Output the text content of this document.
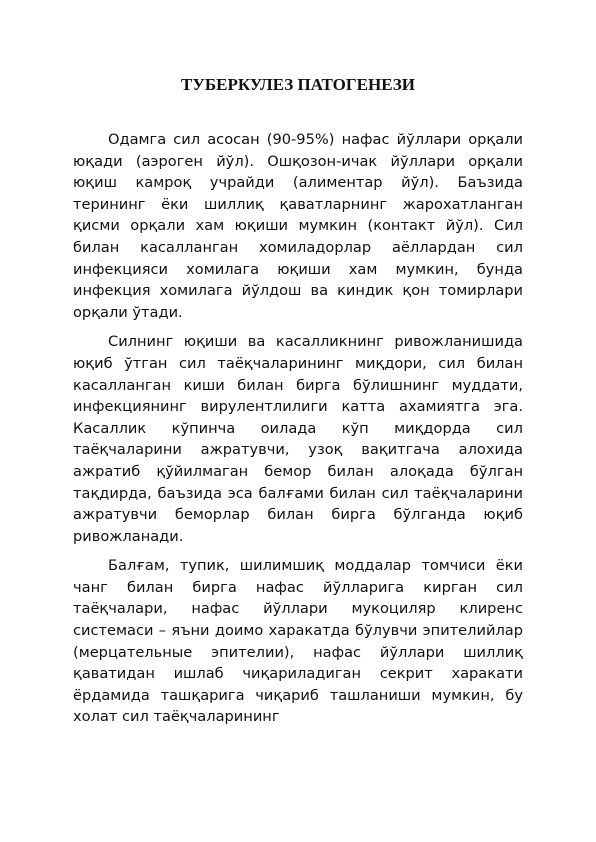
ТУБЕРКУЛЕЗ ПАТОГЕНЕЗИ

Одамга сил асосан (90-95%) нафас йўллари орқали юқади (аэроген йўл). Ошқозон-ичак йўллари орқали юқиш камроқ учрайди (алиментар йўл). Баъзида терининг ёки шиллиқ қаватларнинг жарохатланган қисми орқали хам юқиши мумкин (контакт йўл). Сил билан касалланган хомиладорлар аёллардан сил инфекцияси хомилага юқиши хам мумкин, бунда инфекция хомилага йўлдош ва киндик қон томирлари орқали ўтади.

Силнинг юқиши ва касалликнинг ривожланишида юқиб ўтган сил таёқчаларининг миқдори, сил билан касалланган киши билан бирга бўлишнинг муддати, инфекциянинг вирулентлилиги катта ахамиятга эга. Касаллик кўпинча оилада кўп миқдорда сил таёқчаларини ажратувчи, узоқ вақитгача алохида ажратиб қўйилмаган бемор билан алоқада бўлган тақдирда, баъзида эса балғами билан сил таёқчаларини ажратувчи беморлар билан бирга бўлганда юқиб ривожланади.

Балғам, тупик, шилимшиқ моддалар томчиси ёки чанг билан бирга нафас йўлларига кирган сил таёқчалари, нафас йўллари мукоциляр клиренс системаси – яъни доимо харакатда бўлувчи эпителийлар (мерцательные эпителии), нафас йўллари шиллиқ қаватидан ишлаб чиқариладиган секрит харакати ёрдамида ташқарига чиқариб ташланиши мумкин, бу холат сил таёқчаларининг
